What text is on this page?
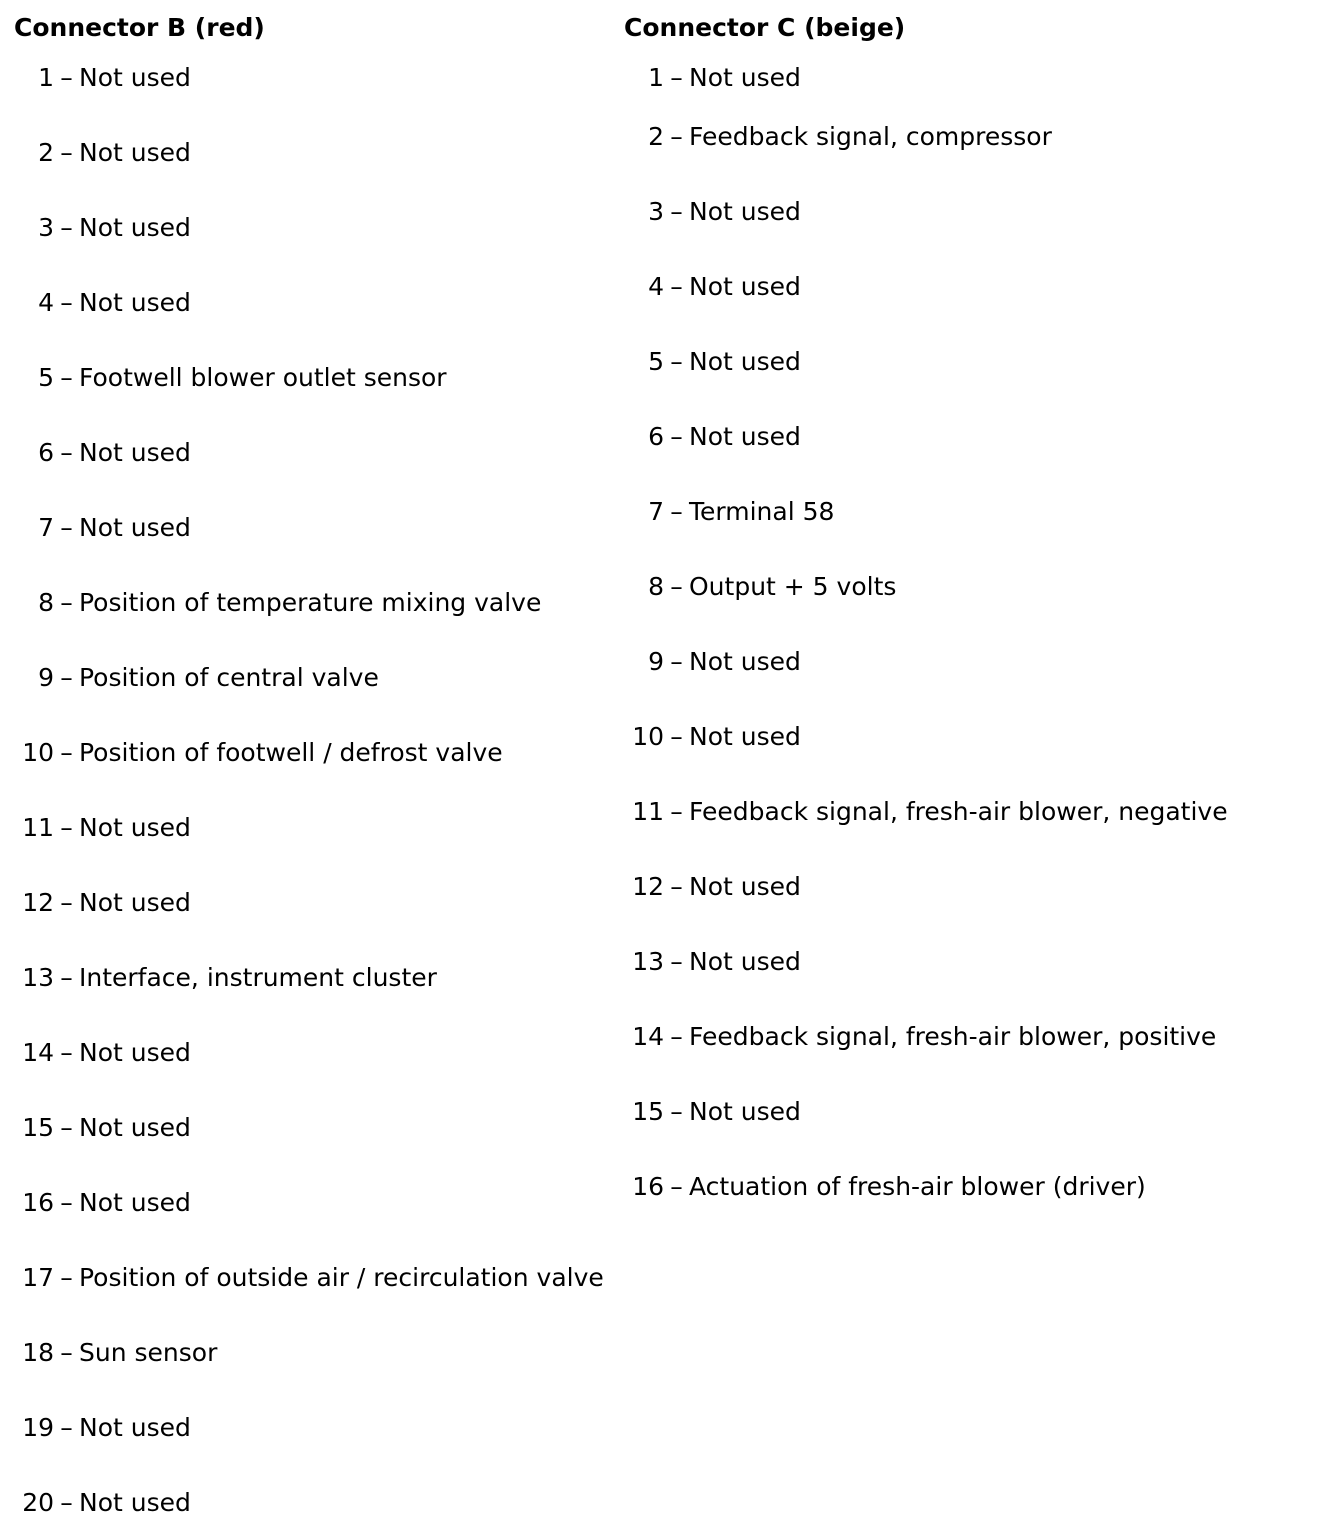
Connector B (red)
1 – Not used
2 – Not used
3 – Not used
4 – Not used
5 – Footwell blower outlet sensor
6 – Not used
7 – Not used
8 – Position of temperature mixing valve
9 – Position of central valve
10 – Position of footwell / defrost valve
11 – Not used
12 – Not used
13 – Interface, instrument cluster
14 – Not used
15 – Not used
16 – Not used
17 – Position of outside air / recirculation valve
18 – Sun sensor
19 – Not used
20 – Not used
Connector C (beige)
1 – Not used
2 – Feedback signal, compressor
3 – Not used
4 – Not used
5 – Not used
6 – Not used
7 – Terminal 58
8 – Output + 5 volts
9 – Not used
10 – Not used
11 – Feedback signal, fresh-air blower, negative
12 – Not used
13 – Not used
14 – Feedback signal, fresh-air blower, positive
15 – Not used
16 – Actuation of fresh-air blower (driver)
